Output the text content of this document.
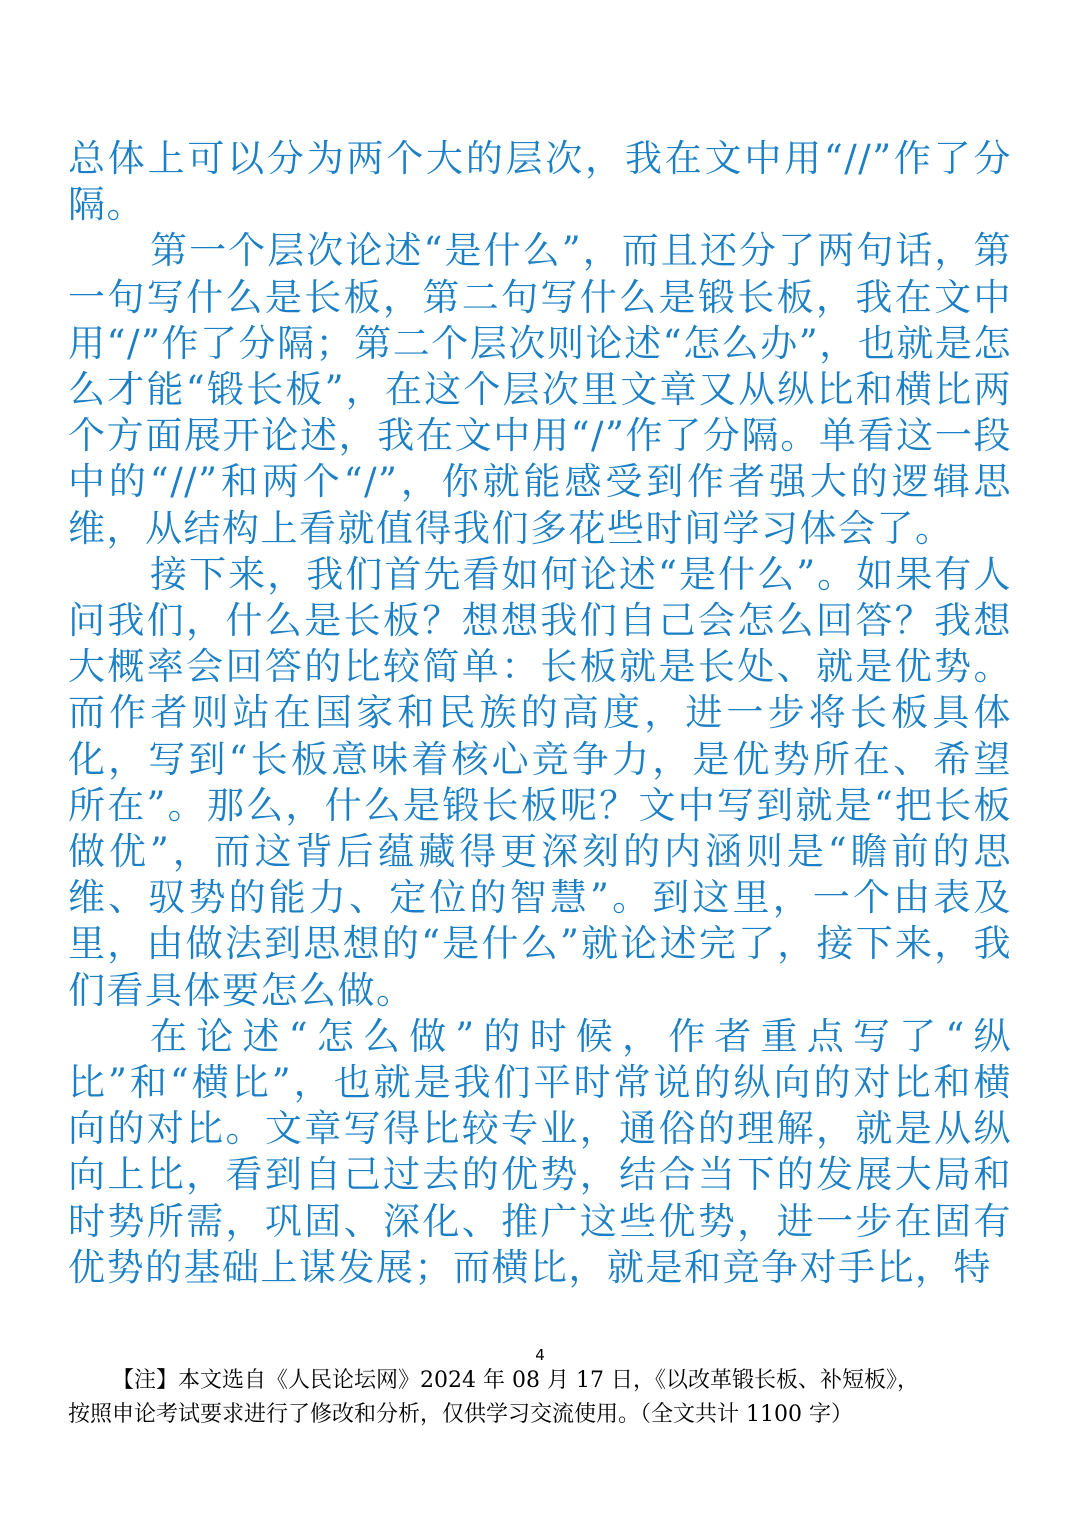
总体上可以分为两个大的层次，我在文中用“//”作了分隔。

第一个层次论述“是什么”，而且还分了两句话，第一句写什么是长板，第二句写什么是锻长板，我在文中用“/”作了分隔；第二个层次则论述“怎么办”，也就是怎么才能“锻长板”，在这个层次里文章又从纵比和横比两个方面展开论述，我在文中用“/”作了分隔。单看这一段中的“//”和两个“/”，你就能感受到作者强大的逻辑思维，从结构上看就值得我们多花些时间学习体会了。

接下来，我们首先看如何论述“是什么”。如果有人问我们，什么是长板？想想我们自己会怎么回答？我想大概率会回答的比较简单：长板就是长处、就是优势。而作者则站在国家和民族的高度，进一步将长板具体化，写到“长板意味着核心竞争力，是优势所在、希望所在”。那么，什么是锻长板呢？文中写到就是“把长板做优”，而这背后蕴藏得更深刻的内涵则是“瞻前的思维、驭势的能力、定位的智慧”。到这里，一个由表及里，由做法到思想的“是什么”就论述完了，接下来，我们看具体要怎么做。

在论述“怎么做”的时候，作者重点写了“纵比”和“横比”，也就是我们平时常说的纵向的对比和横向的对比。文章写得比较专业，通俗的理解，就是从纵向上比，看到自己过去的优势，结合当下的发展大局和时势所需，巩固、深化、推广这些优势，进一步在固有优势的基础上谋发展；而横比，就是和竞争对手比，特

4
【注】本文选自《人民论坛网》2024 年 08 月 17 日，《以改革锻长板、补短板》，
按照申论考试要求进行了修改和分析，仅供学习交流使用。（全文共计 1100 字）
